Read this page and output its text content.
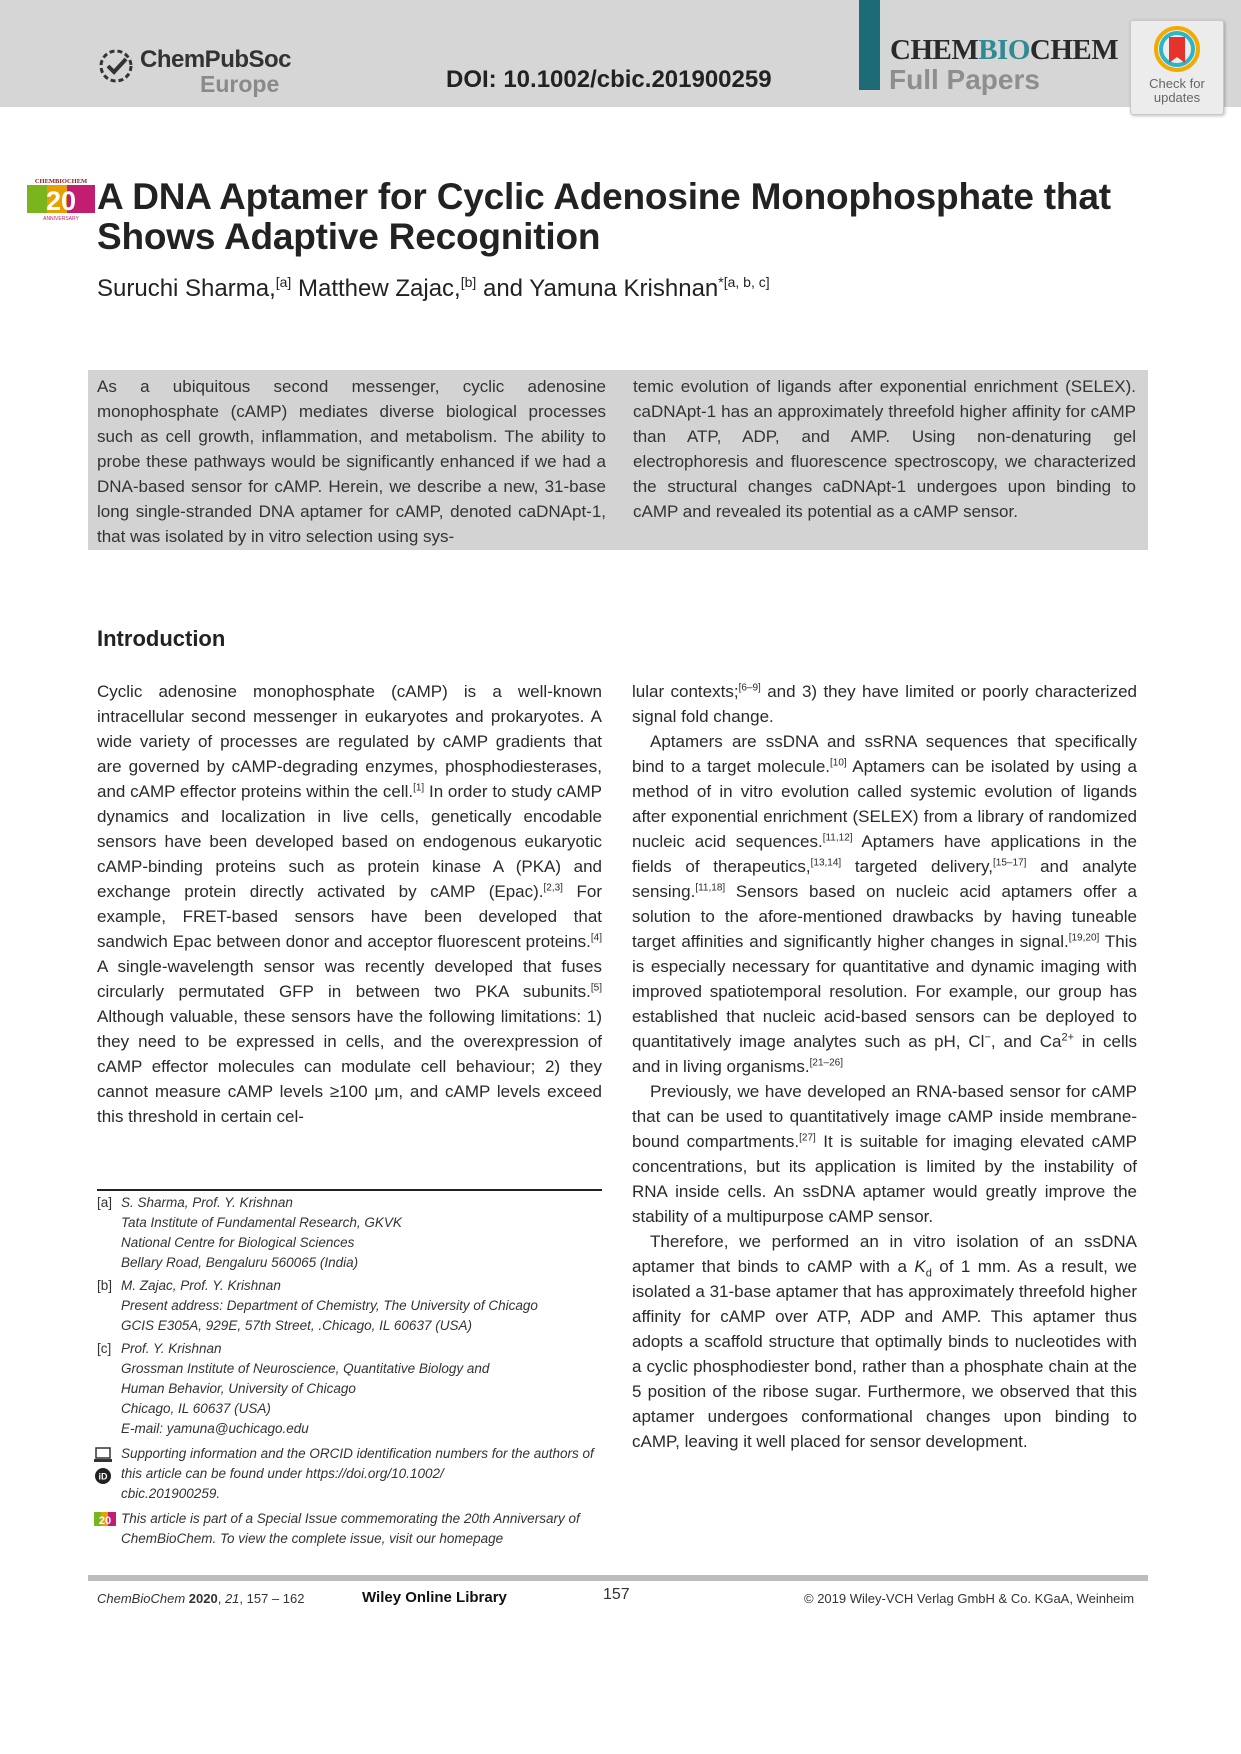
ChemPubSoc
Europe	DOI: 10.1002/cbic.201900259
CHEMBIOCHEM
Full Papers	Check for
updates
CHEMBIOCHEM
20
ANNIVERSARY
A DNA Aptamer for Cyclic Adenosine Monophosphate that Shows Adaptive Recognition
Suruchi Sharma,[a] Matthew Zajac,[b] and Yamuna Krishnan$^{*[a, b, c]}$
As a ubiquitous second messenger, cyclic adenosine monophosphate (cAMP) mediates diverse biological processes such as cell growth, inflammation, and metabolism. The ability to probe these pathways would be significantly enhanced if we had a DNA-based sensor for cAMP. Herein, we describe a new, 31-base long single-stranded DNA aptamer for cAMP, denoted caDNApt-1, that was isolated by in vitro selection using sys-
temic evolution of ligands after exponential enrichment (SELEX). caDNApt-1 has an approximately threefold higher affinity for cAMP than ATP, ADP, and AMP. Using non-denaturing gel electrophoresis and fluorescence spectroscopy, we characterized the structural changes caDNApt-1 undergoes upon binding to cAMP and revealed its potential as a cAMP sensor.
Introduction

Cyclic adenosine monophosphate (cAMP) is a well-known intracellular second messenger in eukaryotes and prokaryotes. A wide variety of processes are regulated by cAMP gradients that are governed by cAMP-degrading enzymes, phosphodiesterases, and cAMP effector proteins within the cell.[1] In order to study cAMP dynamics and localization in live cells, genetically encodable sensors have been developed based on endogenous eukaryotic cAMP-binding proteins such as protein kinase A (PKA) and exchange protein directly activated by cAMP (Epac).[2,3] For example, FRET-based sensors have been developed that sandwich Epac between donor and acceptor fluorescent proteins.[4] A single-wavelength sensor was recently developed that fuses circularly permutated GFP in between two PKA subunits.[5] Although valuable, these sensors have the following limitations: 1) they need to be expressed in cells, and the overexpression of cAMP effector molecules can modulate cell behaviour; 2) they cannot measure cAMP levels ≥100 μm, and cAMP levels exceed this threshold in certain cel-

lular contexts;[6–9] and 3) they have limited or poorly characterized signal fold change.

Aptamers are ssDNA and ssRNA sequences that specifically bind to a target molecule.[10] Aptamers can be isolated by using a method of in vitro evolution called systemic evolution of ligands after exponential enrichment (SELEX) from a library of randomized nucleic acid sequences.[11,12] Aptamers have applications in the fields of therapeutics,[13,14] targeted delivery,[15–17] and analyte sensing.[11,18] Sensors based on nucleic acid aptamers offer a solution to the afore-mentioned drawbacks by having tuneable target affinities and significantly higher changes in signal.[19,20] This is especially necessary for quantitative and dynamic imaging with improved spatiotemporal resolution. For example, our group has established that nucleic acid-based sensors can be deployed to quantitatively image analytes such as pH, Cl−, and $Ca^{2+}$ in cells and in living organisms.[21–26]

Previously, we have developed an RNA-based sensor for cAMP that can be used to quantitatively image cAMP inside membrane-bound compartments.[27] It is suitable for imaging elevated cAMP concentrations, but its application is limited by the instability of RNA inside cells. An ssDNA aptamer would greatly improve the stability of a multipurpose cAMP sensor.

Therefore, we performed an in vitro isolation of an ssDNA aptamer that binds to cAMP with a $K_d$ of 1 mm. As a result, we isolated a 31-base aptamer that has approximately threefold higher affinity for cAMP over ATP, ADP and AMP. This aptamer thus adopts a scaffold structure that optimally binds to nucleotides with a cyclic phosphodiester bond, rather than a phosphate chain at the 5 position of the ribose sugar. Furthermore, we observed that this aptamer undergoes conformational changes upon binding to cAMP, leaving it well placed for sensor development.

[a] S. Sharma, Prof. Y. Krishnan
Tata Institute of Fundamental Research, GKVK
National Centre for Biological Sciences
Bellary Road, Bengaluru 560065 (India)
[b] M. Zajac, Prof. Y. Krishnan
Present address: Department of Chemistry, The University of Chicago
GCIS E305A, 929E, 57th Street, .Chicago, IL 60637 (USA)
[c] Prof. Y. Krishnan
Grossman Institute of Neuroscience, Quantitative Biology and
Human Behavior, University of Chicago
Chicago, IL 60637 (USA)
E-mail: yamuna@uchicago.edu
iD
Supporting information and the ORCID identification numbers for the authors of this article can be found under https://doi.org/10.1002/
cbic.201900259.
20 This article is part of a Special Issue commemorating the 20th Anniversary of ChemBioChem. To view the complete issue, visit our homepage
ChemBioChem 2020, 21, 157 – 162	Wiley Online Library	157	© 2019 Wiley-VCH Verlag GmbH & Co. KGaA, Weinheim
